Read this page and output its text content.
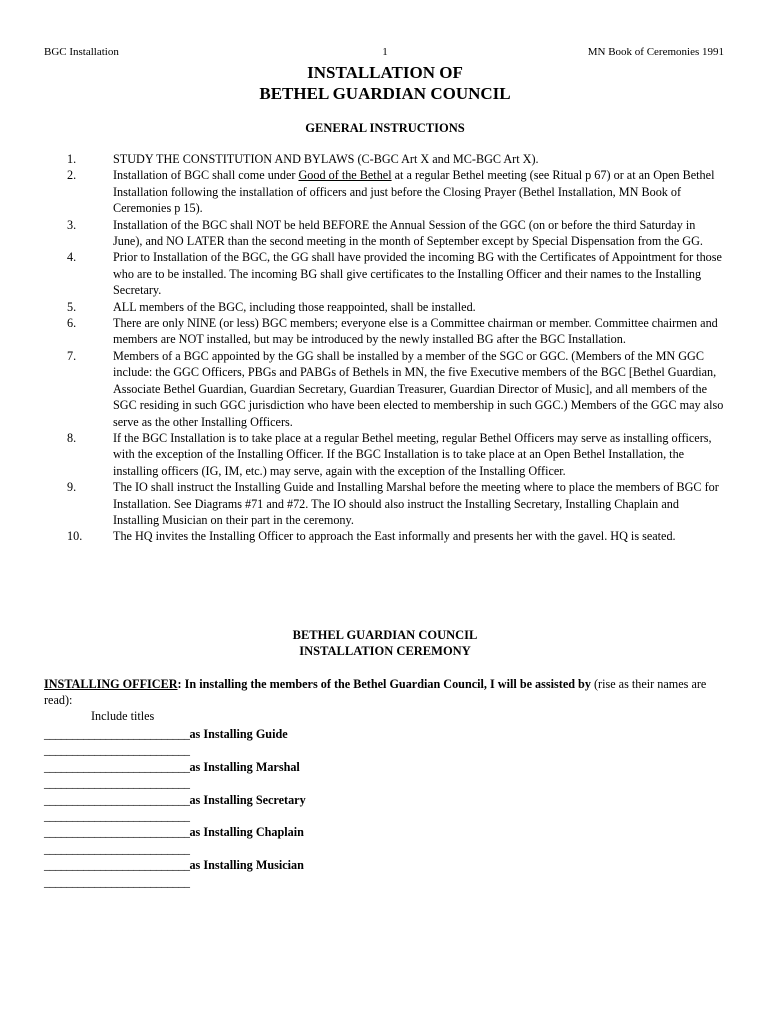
BGC Installation	1	MN Book of Ceremonies 1991
INSTALLATION OF
BETHEL GUARDIAN COUNCIL
GENERAL INSTRUCTIONS
1.	STUDY THE CONSTITUTION AND BYLAWS (C-BGC Art X and MC-BGC Art X).
2.	Installation of BGC shall come under Good of the Bethel at a regular Bethel meeting (see Ritual p 67) or at an Open Bethel Installation following the installation of officers and just before the Closing Prayer (Bethel Installation, MN Book of Ceremonies p 15).
3.	Installation of the BGC shall NOT be held BEFORE the Annual Session of the GGC (on or before the third Saturday in June), and NO LATER than the second meeting in the month of September except by Special Dispensation from the GG.
4.	Prior to Installation of the BGC, the GG shall have provided the incoming BG with the Certificates of Appointment for those who are to be installed. The incoming BG shall give certificates to the Installing Officer and their names to the Installing Secretary.
5.	ALL members of the BGC, including those reappointed, shall be installed.
6.	There are only NINE (or less) BGC members; everyone else is a Committee chairman or member. Committee chairmen and members are NOT installed, but may be introduced by the newly installed BG after the BGC Installation.
7.	Members of a BGC appointed by the GG shall be installed by a member of the SGC or GGC. (Members of the MN GGC include: the GGC Officers, PBGs and PABGs of Bethels in MN, the five Executive members of the BGC [Bethel Guardian, Associate Bethel Guardian, Guardian Secretary, Guardian Treasurer, Guardian Director of Music], and all members of the SGC residing in such GGC jurisdiction who have been elected to membership in such GGC.) Members of the GGC may also serve as the other Installing Officers.
8.	If the BGC Installation is to take place at a regular Bethel meeting, regular Bethel Officers may serve as installing officers, with the exception of the Installing Officer. If the BGC Installation is to take place at an Open Bethel Installation, the installing officers (IG, IM, etc.) may serve, again with the exception of the Installing Officer.
9.	The IO shall instruct the Installing Guide and Installing Marshal before the meeting where to place the members of BGC for Installation. See Diagrams #71 and #72. The IO should also instruct the Installing Secretary, Installing Chaplain and Installing Musician on their part in the ceremony.
10.	The HQ invites the Installing Officer to approach the East informally and presents her with the gavel. HQ is seated.
BETHEL GUARDIAN COUNCIL
INSTALLATION CEREMONY
INSTALLING OFFICER: In installing the members of the Bethel Guardian Council, I will be assisted by (rise as their names are read):
Include titles
__________________________as Installing Guide
__________________________
__________________________as Installing Marshal
__________________________
__________________________as Installing Secretary
__________________________
__________________________as Installing Chaplain
__________________________
__________________________as Installing Musician
__________________________
